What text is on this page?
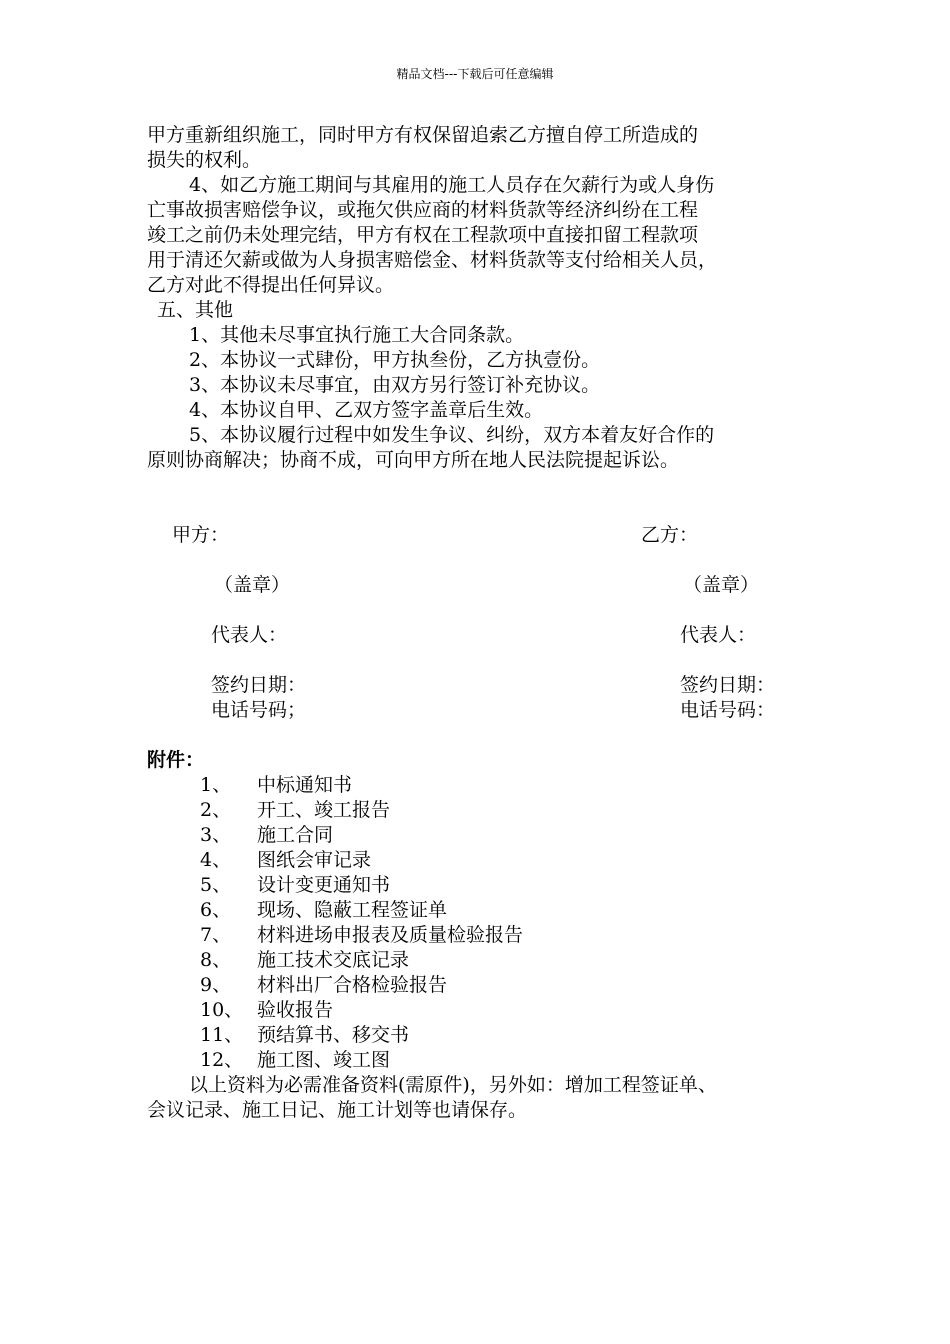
精品文档---下载后可任意编辑
甲方重新组织施工，同时甲方有权保留追索乙方擅自停工所造成的
损失的权利。
4、如乙方施工期间与其雇用的施工人员存在欠薪行为或人身伤
亡事故损害赔偿争议，或拖欠供应商的材料货款等经济纠纷在工程
竣工之前仍未处理完结，甲方有权在工程款项中直接扣留工程款项
用于清还欠薪或做为人身损害赔偿金、材料货款等支付给相关人员，
乙方对此不得提出任何异议。
五、其他
1、其他未尽事宜执行施工大合同条款。
2、本协议一式肆份，甲方执叁份，乙方执壹份。
3、本协议未尽事宜，由双方另行签订补充协议。
4、本协议自甲、乙双方签字盖章后生效。
5、本协议履行过程中如发生争议、纠纷，双方本着友好合作的
原则协商解决；协商不成，可向甲方所在地人民法院提起诉讼。
甲方：	乙方：
（盖章）	（盖章）
代表人：	代表人：
签约日期：	签约日期：
电话号码；	电话号码：
附件：
1、	中标通知书
2、	开工、竣工报告
3、	施工合同
4、	图纸会审记录
5、	设计变更通知书
6、	现场、隐蔽工程签证单
7、	材料进场申报表及质量检验报告
8、	施工技术交底记录
9、	材料出厂合格检验报告
10、 验收报告
11、 预结算书、移交书
12、 施工图、竣工图
以上资料为必需准备资料(需原件)，另外如：增加工程签证单、
会议记录、施工日记、施工计划等也请保存。
